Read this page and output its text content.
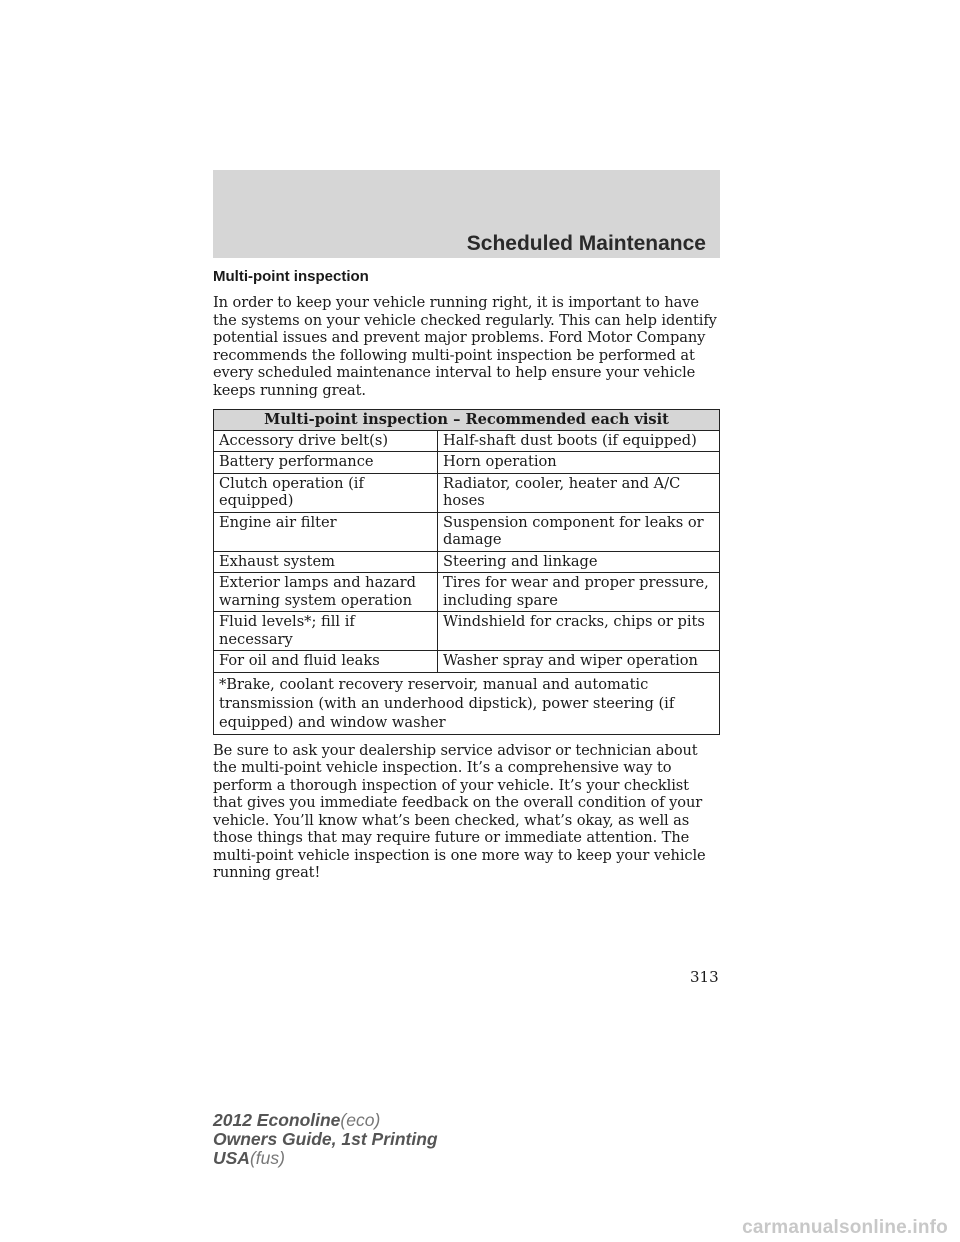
Scheduled Maintenance
Multi-point inspection

In order to keep your vehicle running right, it is important to have the systems on your vehicle checked regularly. This can help identify potential issues and prevent major problems. Ford Motor Company recommends the following multi-point inspection be performed at every scheduled maintenance interval to help ensure your vehicle keeps running great.

Multi-point inspection – Recommended each visit	
Accessory drive belt(s)	Half-shaft dust boots (if equipped)
Battery performance	Horn operation
Clutch operation (if equipped)	Radiator, cooler, heater and A/C hoses
Engine air filter	Suspension component for leaks or damage
Exhaust system	Steering and linkage
Exterior lamps and hazard warning system operation	Tires for wear and proper pressure, including spare
Fluid levels*; fill if necessary	Windshield for cracks, chips or pits
For oil and fluid leaks	Washer spray and wiper operation
*Brake, coolant recovery reservoir, manual and automatic transmission (with an underhood dipstick), power steering (if equipped) and window washer	

Be sure to ask your dealership service advisor or technician about the multi-point vehicle inspection. It’s a comprehensive way to perform a thorough inspection of your vehicle. It’s your checklist that gives you immediate feedback on the overall condition of your vehicle. You’ll know what’s been checked, what’s okay, as well as those things that may require future or immediate attention. The multi-point vehicle inspection is one more way to keep your vehicle running great!

313
2012 Econoline(eco)
Owners Guide, 1st Printing
USA(fus)
carmanualsonline.info
